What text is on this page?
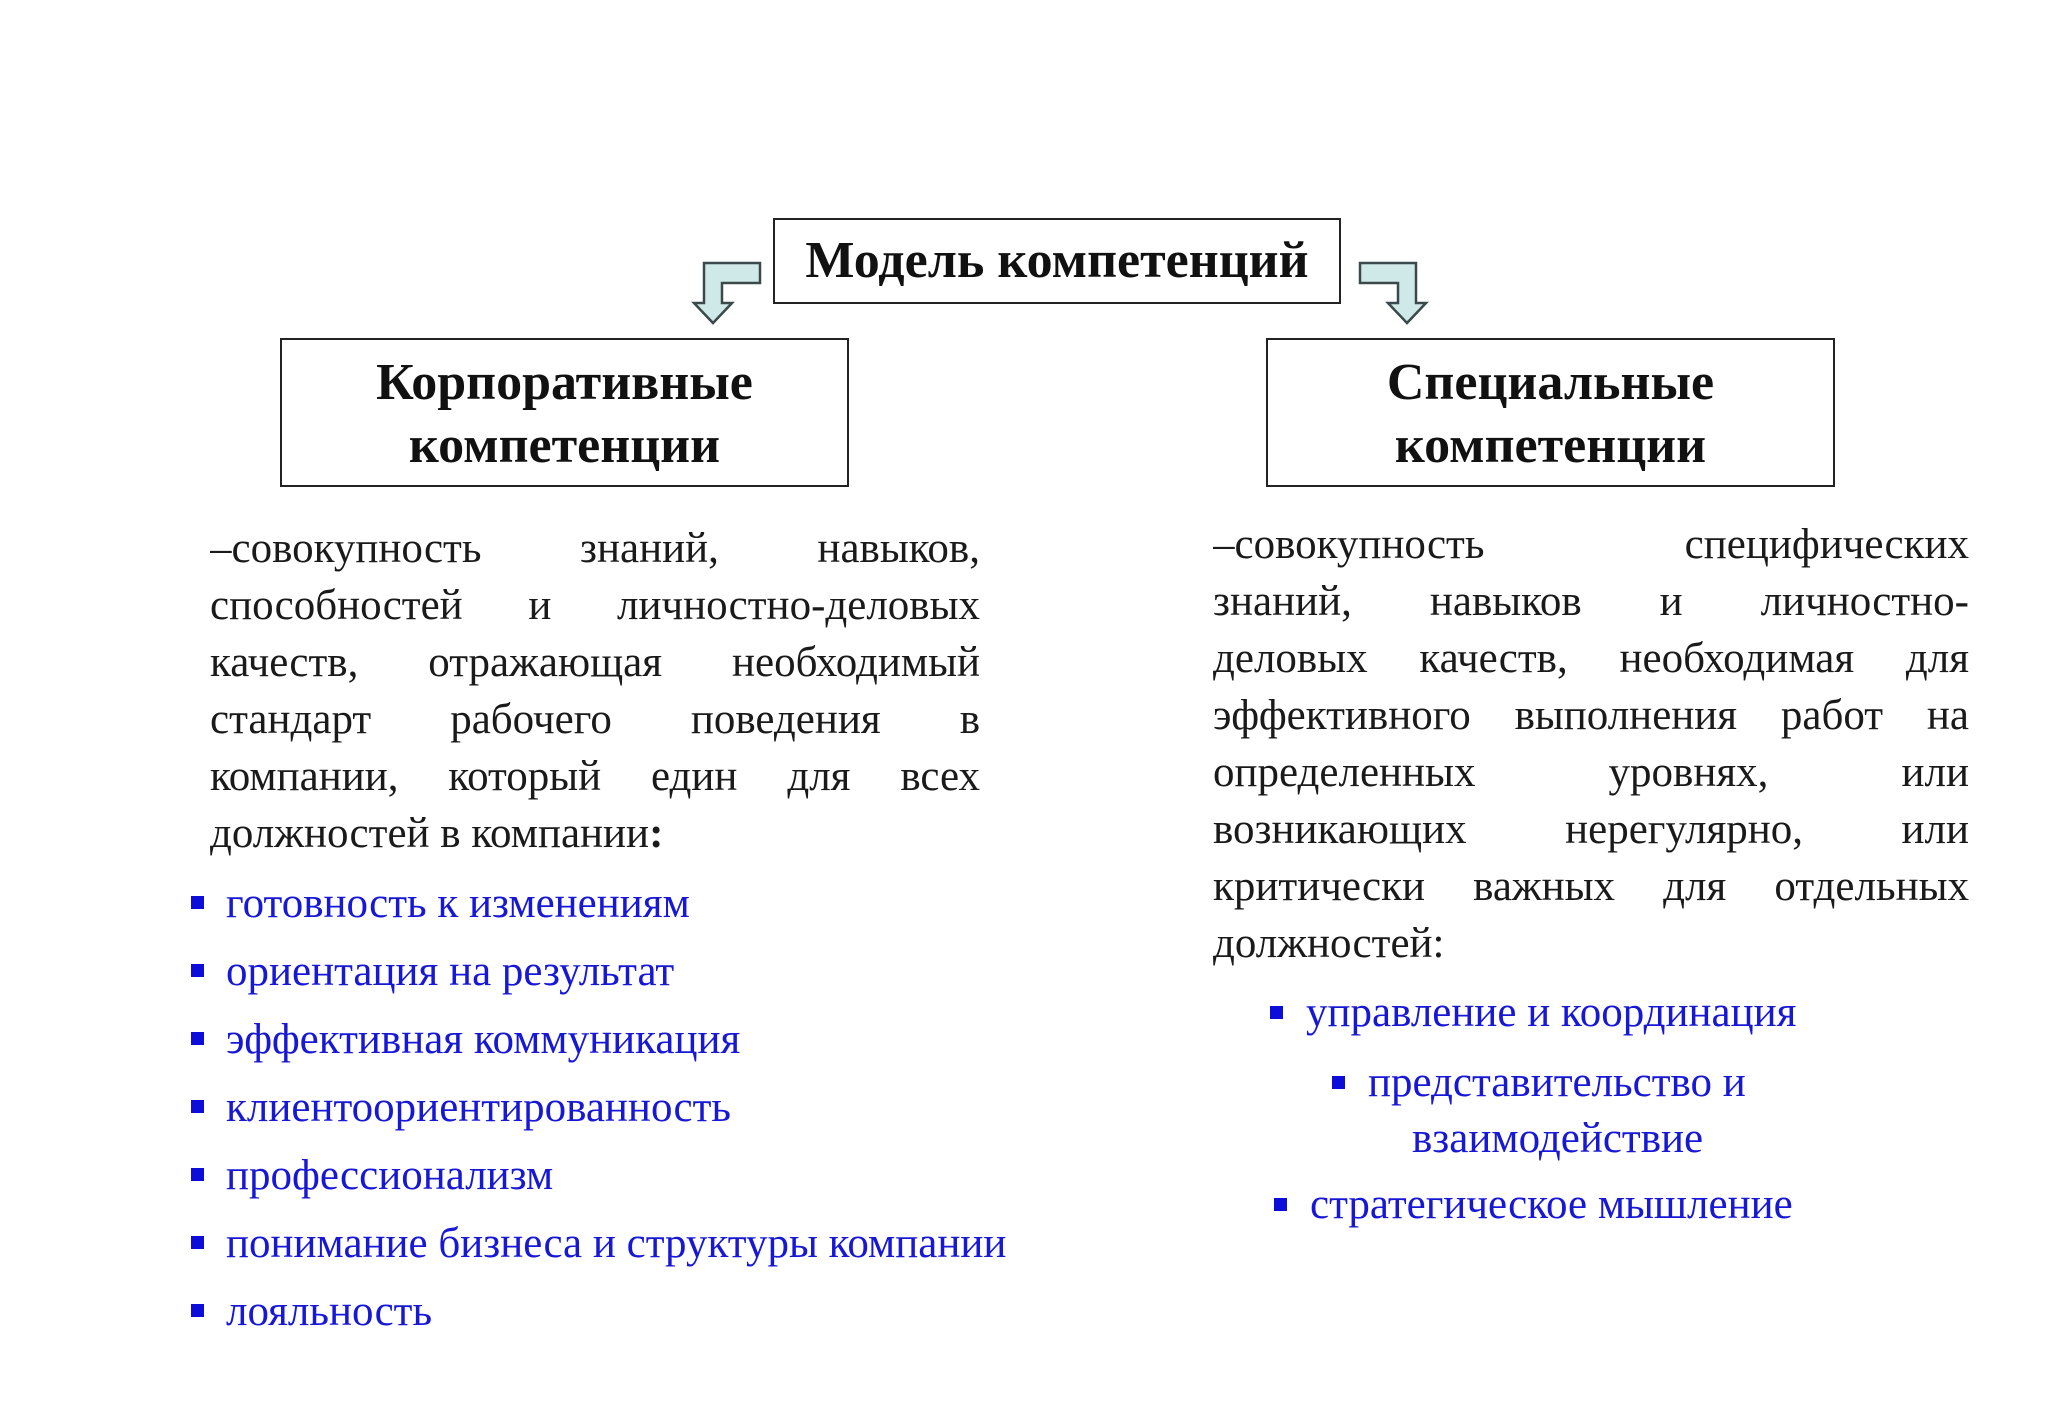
Модель компетенций
Корпоративные
компетенции
Специальные
компетенции
–совокупность знаний, навыков,
способностей и личностно-деловых
качеств, отражающая необходимый
стандарт рабочего поведения в
компании, который един для всех
должностей в компании:
готовность к изменениям
ориентация на результат
эффективная коммуникация
клиентоориентированность
профессионализм
понимание бизнеса и структуры компании
лояльность
–совокупность специфических
знаний, навыков и личностно-
деловых качеств, необходимая для
эффективного выполнения работ на
определенных уровнях, или
возникающих нерегулярно, или
критически важных для отдельных
должностей:
управление и координация
представительство и
взаимодействие
стратегическое мышление
